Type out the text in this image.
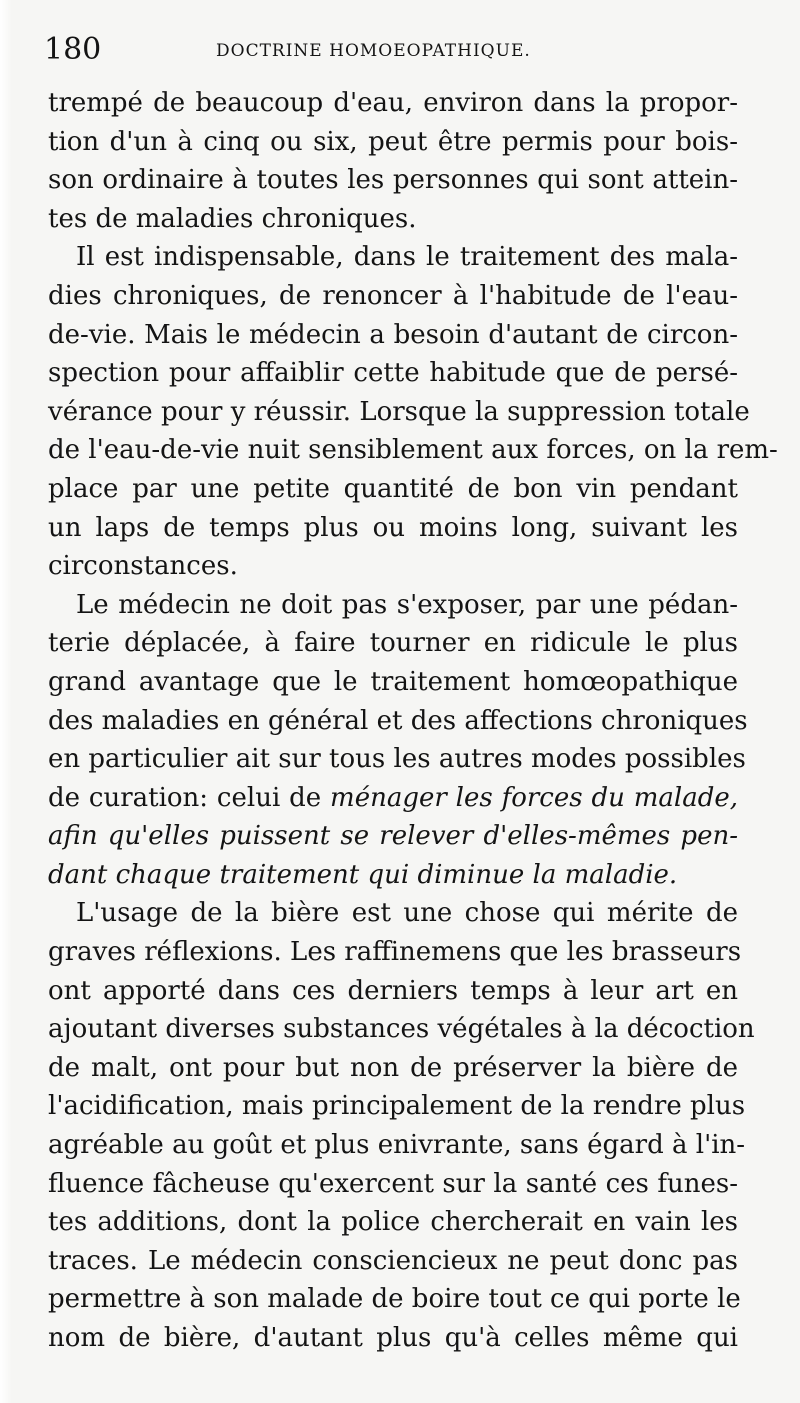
180	DOCTRINE HOMOEOPATHIQUE.
trempé de beaucoup d'eau, environ dans la propor-
tion d'un à cinq ou six, peut être permis pour bois-
son ordinaire à toutes les personnes qui sont attein-
tes de maladies chroniques.
Il est indispensable, dans le traitement des mala-
dies chroniques, de renoncer à l'habitude de l'eau-
de-vie. Mais le médecin a besoin d'autant de circon-
spection pour affaiblir cette habitude que de persé-
vérance pour y réussir. Lorsque la suppression totale
de l'eau-de-vie nuit sensiblement aux forces, on la rem-
place par une petite quantité de bon vin pendant
un laps de temps plus ou moins long, suivant les
circonstances.
Le médecin ne doit pas s'exposer, par une pédan-
terie déplacée, à faire tourner en ridicule le plus
grand avantage que le traitement homœopathique
des maladies en général et des affections chroniques
en particulier ait sur tous les autres modes possibles
de curation: celui de ménager les forces du malade,
afin qu'elles puissent se relever d'elles-mêmes pen-
dant chaque traitement qui diminue la maladie.
L'usage de la bière est une chose qui mérite de
graves réflexions. Les raffinemens que les brasseurs
ont apporté dans ces derniers temps à leur art en
ajoutant diverses substances végétales à la décoction
de malt, ont pour but non de préserver la bière de
l'acidification, mais principalement de la rendre plus
agréable au goût et plus enivrante, sans égard à l'in-
fluence fâcheuse qu'exercent sur la santé ces funes-
tes additions, dont la police chercherait en vain les
traces. Le médecin consciencieux ne peut donc pas
permettre à son malade de boire tout ce qui porte le
nom de bière, d'autant plus qu'à celles même qui
